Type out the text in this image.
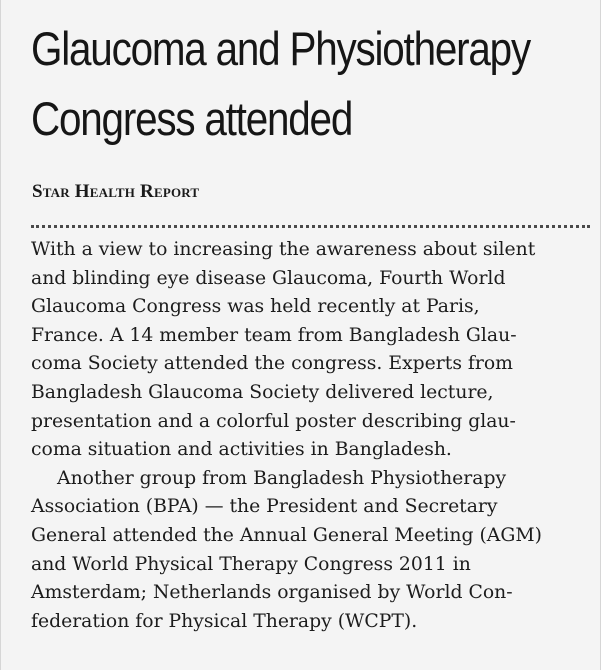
Glaucoma and Physiotherapy
Congress attended

Star Health Report

With a view to increasing the awareness about silent
and blinding eye disease Glaucoma, Fourth World
Glaucoma Congress was held recently at Paris,
France. A 14 member team from Bangladesh Glau-
coma Society attended the congress. Experts from
Bangladesh Glaucoma Society delivered lecture,
presentation and a colorful poster describing glau-
coma situation and activities in Bangladesh.
Another group from Bangladesh Physiotherapy
Association (BPA) — the President and Secretary
General attended the Annual General Meeting (AGM)
and World Physical Therapy Congress 2011 in
Amsterdam; Netherlands organised by World Con-
federation for Physical Therapy (WCPT).
